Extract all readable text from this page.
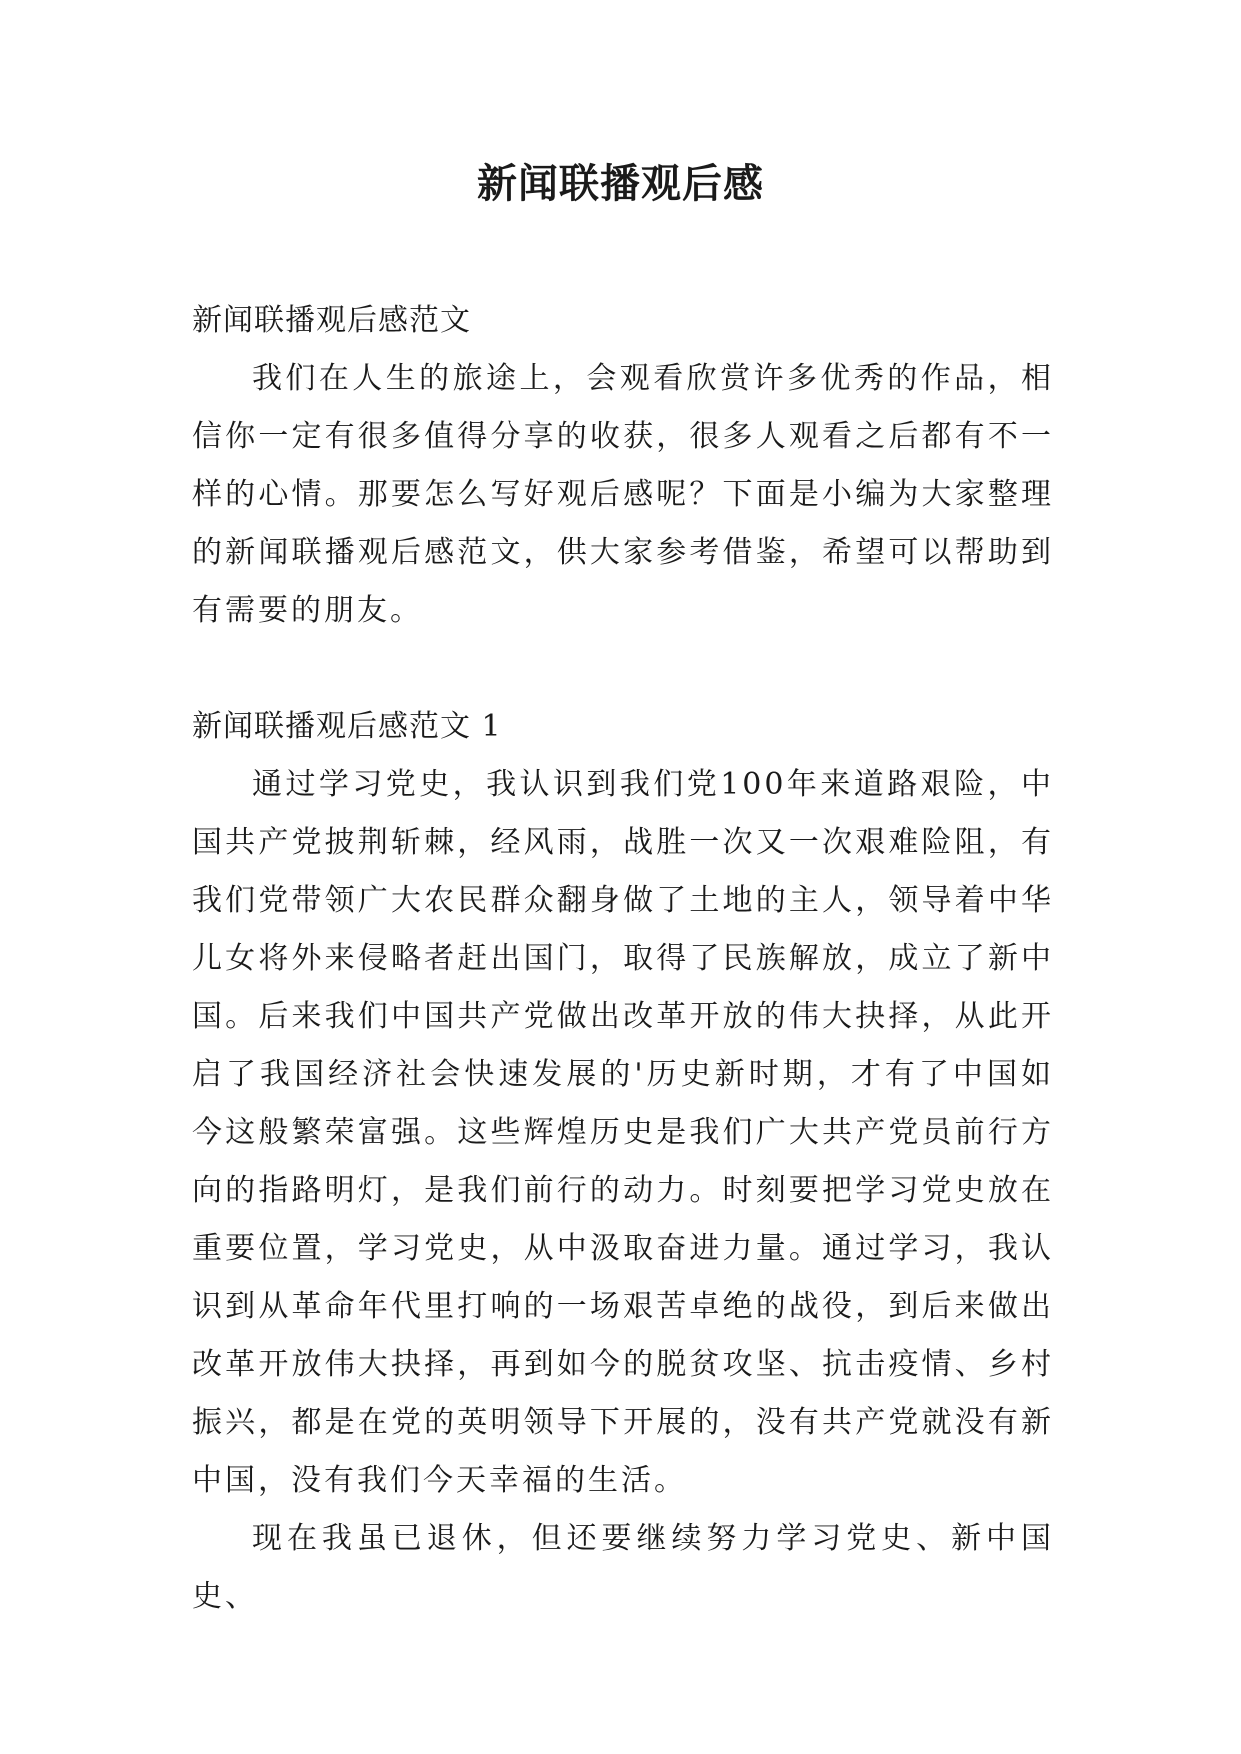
新闻联播观后感

新闻联播观后感范文

我们在人生的旅途上，会观看欣赏许多优秀的作品，相信你一定有很多值得分享的收获，很多人观看之后都有不一样的心情。那要怎么写好观后感呢？下面是小编为大家整理的新闻联播观后感范文，供大家参考借鉴，希望可以帮助到有需要的朋友。

新闻联播观后感范文 1

通过学习党史，我认识到我们党100年来道路艰险，中国共产党披荆斩棘，经风雨，战胜一次又一次艰难险阻，有我们党带领广大农民群众翻身做了土地的主人，领导着中华儿女将外来侵略者赶出国门，取得了民族解放，成立了新中国。后来我们中国共产党做出改革开放的伟大抉择，从此开启了我国经济社会快速发展的'历史新时期，才有了中国如今这般繁荣富强。这些辉煌历史是我们广大共产党员前行方向的指路明灯，是我们前行的动力。时刻要把学习党史放在重要位置，学习党史，从中汲取奋进力量。通过学习，我认识到从革命年代里打响的一场艰苦卓绝的战役，到后来做出改革开放伟大抉择，再到如今的脱贫攻坚、抗击疫情、乡村振兴，都是在党的英明领导下开展的，没有共产党就没有新中国，没有我们今天幸福的生活。

现在我虽已退休，但还要继续努力学习党史、新中国史、
